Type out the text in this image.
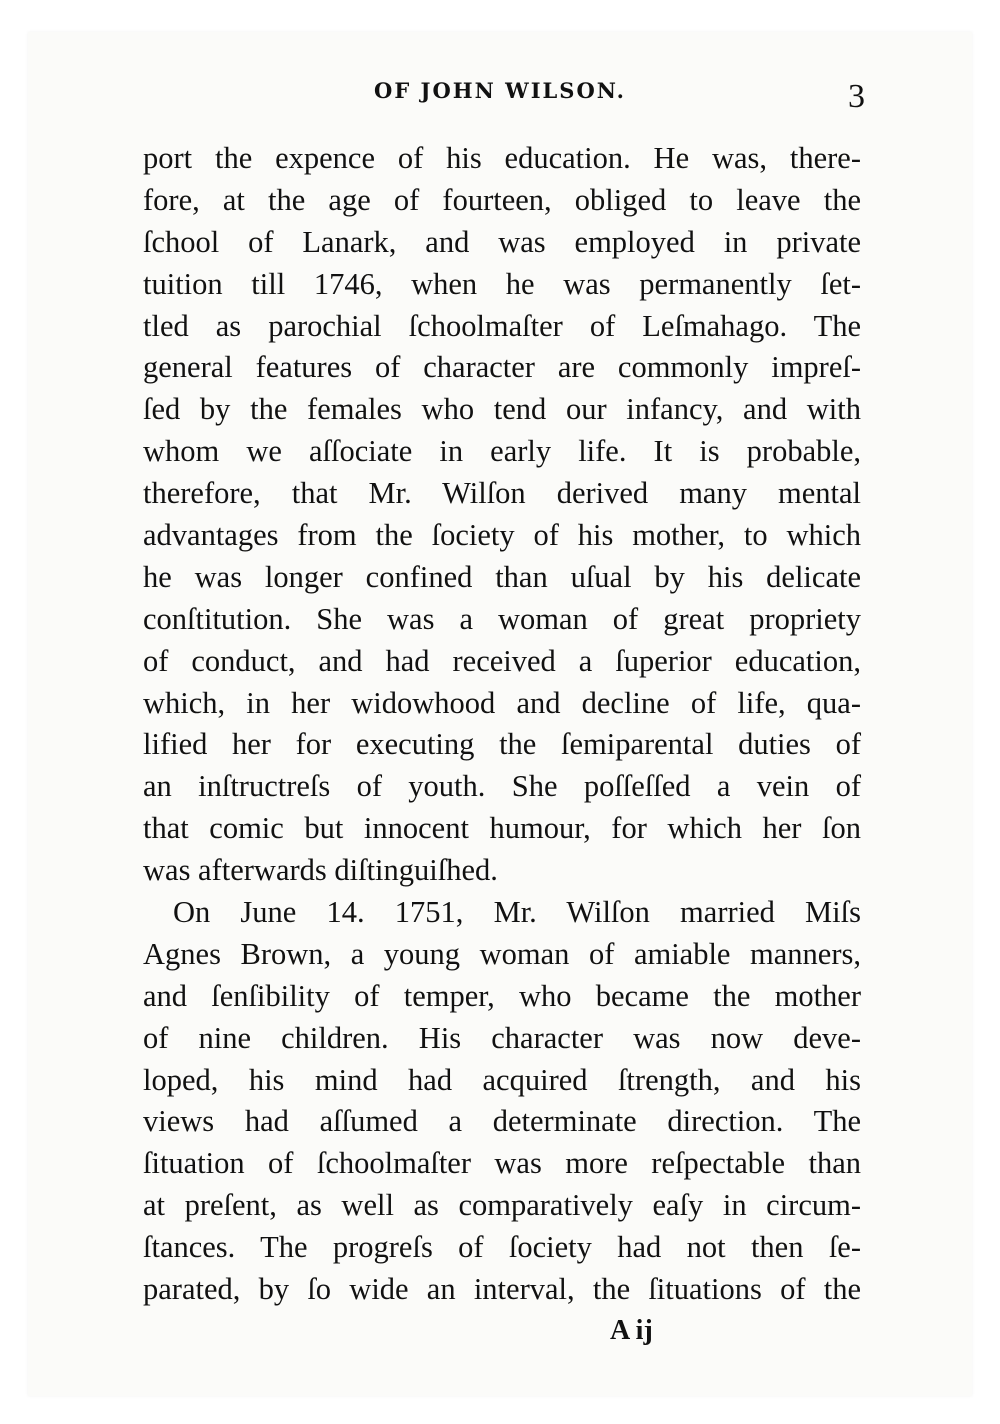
OF JOHN WILSON.	3
port the expence of his education. He was, there-
fore, at the age of fourteen, obliged to leave the
ſchool of Lanark, and was employed in private
tuition till 1746, when he was permanently ſet-
tled as parochial ſchoolmaſter of Leſmahago. The
general features of character are commonly impreſ-
ſed by the females who tend our infancy, and with
whom we aſſociate in early life. It is probable,
therefore, that Mr. Wilſon derived many mental
advantages from the ſociety of his mother, to which
he was longer confined than uſual by his delicate
conſtitution. She was a woman of great propriety
of conduct, and had received a ſuperior education,
which, in her widowhood and decline of life, qua-
lified her for executing the ſemiparental duties of
an inſtructreſs of youth. She poſſeſſed a vein of
that comic but innocent humour, for which her ſon
was afterwards diſtinguiſhed.
On June 14. 1751, Mr. Wilſon married Miſs
Agnes Brown, a young woman of amiable manners,
and ſenſibility of temper, who became the mother
of nine children. His character was now deve-
loped, his mind had acquired ſtrength, and his
views had aſſumed a determinate direction. The
ſituation of ſchoolmaſter was more reſpectable than
at preſent, as well as comparatively eaſy in circum-
ſtances. The progreſs of ſociety had not then ſe-
parated, by ſo wide an interval, the ſituations of the
A ij
